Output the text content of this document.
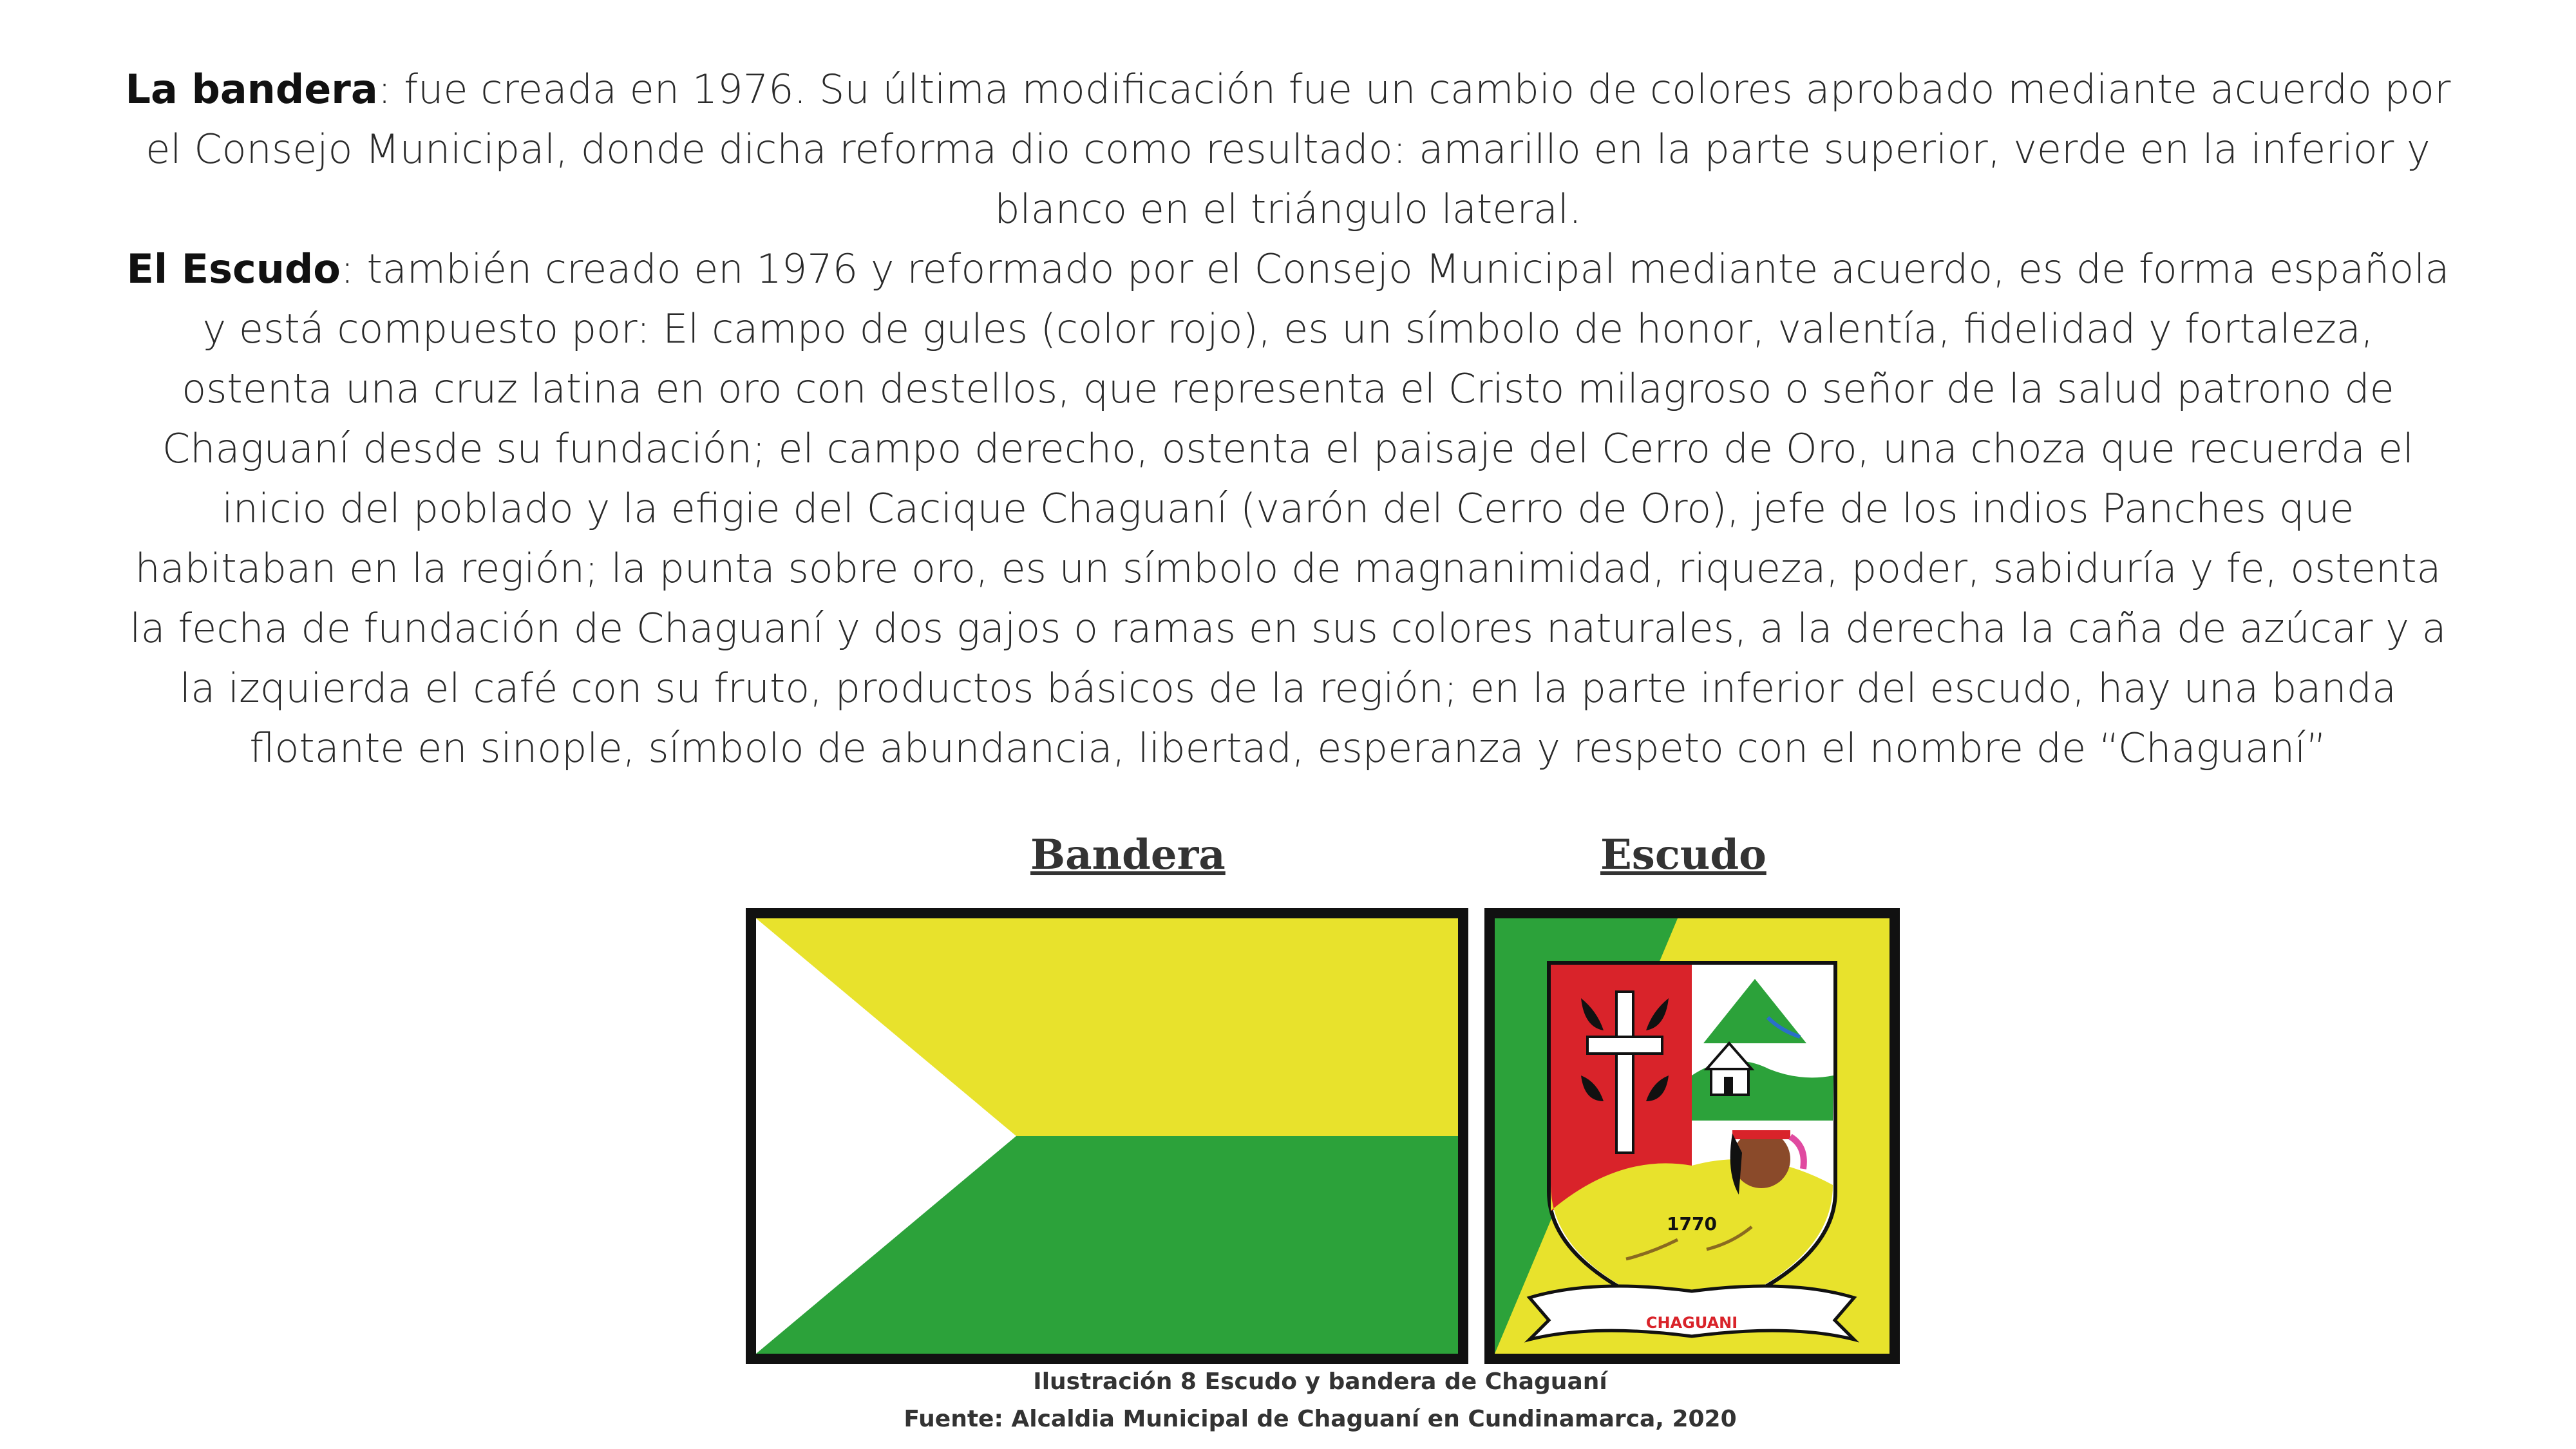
La bandera: fue creada en 1976. Su última modificación fue un cambio de colores aprobado mediante acuerdo por el Consejo Municipal, donde dicha reforma dio como resultado: amarillo en la parte superior, verde en la inferior y blanco en el triángulo lateral.

El Escudo: también creado en 1976 y reformado por el Consejo Municipal mediante acuerdo, es de forma española y está compuesto por: El campo de gules (color rojo), es un símbolo de honor, valentía, fidelidad y fortaleza, ostenta una cruz latina en oro con destellos, que representa el Cristo milagroso o señor de la salud patrono de Chaguaní desde su fundación; el campo derecho, ostenta el paisaje del Cerro de Oro, una choza que recuerda el inicio del poblado y la efigie del Cacique Chaguaní (varón del Cerro de Oro), jefe de los indios Panches que habitaban en la región; la punta sobre oro, es un símbolo de magnanimidad, riqueza, poder, sabiduría y fe, ostenta la fecha de fundación de Chaguaní y dos gajos o ramas en sus colores naturales, a la derecha la caña de azúcar y a la izquierda el café con su fruto, productos básicos de la región; en la parte inferior del escudo, hay una banda flotante en sinople, símbolo de abundancia, libertad, esperanza y respeto con el nombre de “Chaguaní”

Bandera	Escudo
1770
CHAGUANI
Ilustración 8 Escudo y bandera de Chaguaní
Fuente: Alcaldia Municipal de Chaguaní en Cundinamarca, 2020
